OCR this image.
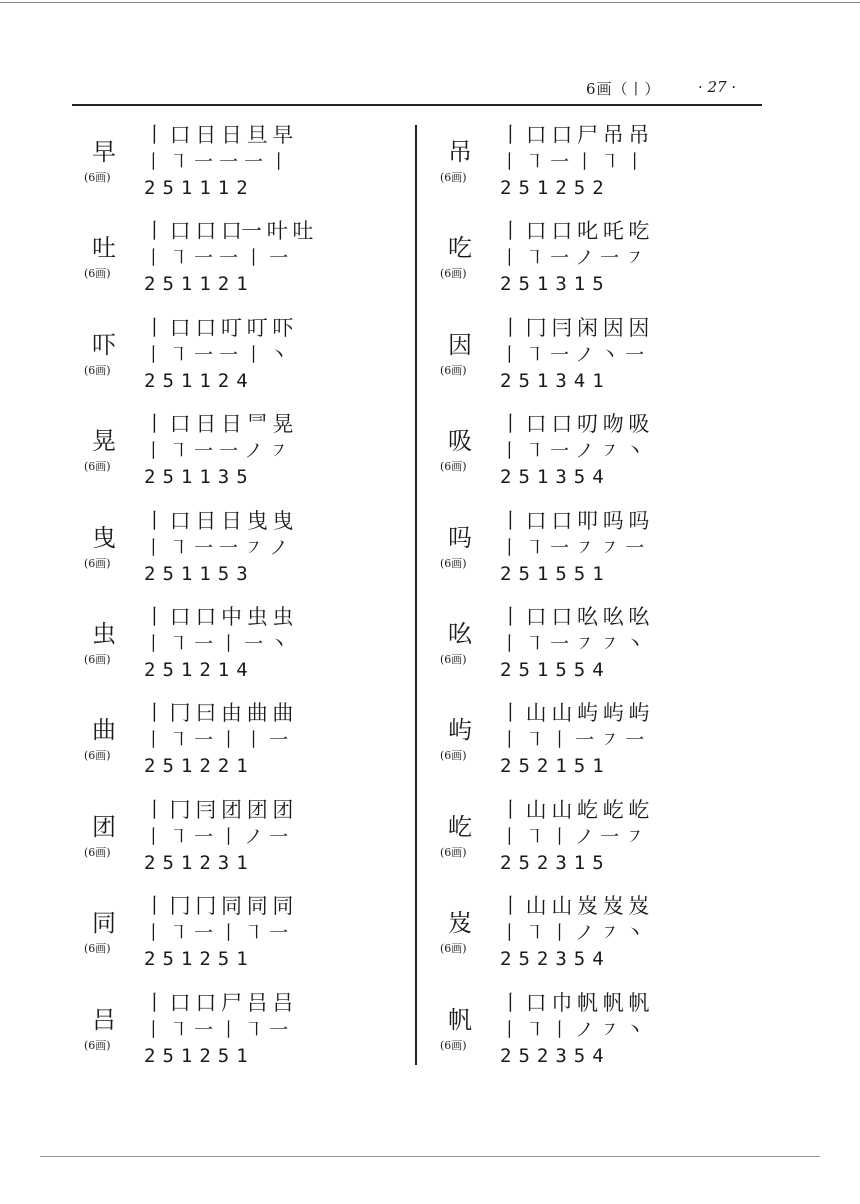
6画（丨） · 27 ·
早
(6画)
丨 口 日 日 旦 早
丨 ㇕ 一 一 一 丨
251112
吐
(6画)
丨 口 口 口一 叶 吐
丨 ㇕ 一 一 丨 一
251121
吓
(6画)
丨 口 口 叮 叮 吓
丨 ㇕ 一 一 丨 丶
251124
晃
(6画)
丨 口 日 日 ⺜ 晃
丨 ㇕ 一 一 ノ ㇇
251135
曳
(6画)
丨 口 日 日 曳 曳
丨 ㇕ 一 一 ㇇ ノ
251153
虫
(6画)
丨 口 口 中 虫 虫
丨 ㇕ 一 丨 一 丶
251214
曲
(6画)
丨 冂 曰 由 曲 曲
丨 ㇕ 一 丨 丨 一
251221
团
(6画)
丨 冂 冃 团 团 团
丨 ㇕ 一 丨 ノ 一
251231
同
(6画)
丨 冂 冂 同 同 同
丨 ㇕ 一 丨 ㇕ 一
251251
吕
(6画)
丨 口 口 尸 吕 吕
丨 ㇕ 一 丨 ㇕ 一
251251
吊
(6画)
丨 口 口 尸 吊 吊
丨 ㇕ 一 丨 ㇕ 丨
251252
吃
(6画)
丨 口 口 叱 吒 吃
丨 ㇕ 一 ノ 一 ㇇
251315
因
(6画)
丨 冂 冃 闲 因 因
丨 ㇕ 一 ノ 丶 一
251341
吸
(6画)
丨 口 口 叨 吻 吸
丨 ㇕ 一 ノ ㇇ 丶
251354
吗
(6画)
丨 口 口 叩 吗 吗
丨 ㇕ 一 ㇇ ㇇ 一
251551
吆
(6画)
丨 口 口 吆 吆 吆
丨 ㇕ 一 ㇇ ㇇ 丶
251554
屿
(6画)
丨 山 山 屿 屿 屿
丨 ㇕ 丨 一 ㇇ 一
252151
屹
(6画)
丨 山 山 屹 屹 屹
丨 ㇕ 丨 ノ 一 ㇇
252315
岌
(6画)
丨 山 山 岌 岌 岌
丨 ㇕ 丨 ノ ㇇ 丶
252354
帆
(6画)
丨 口 巾 帆 帆 帆
丨 ㇕ 丨 ノ ㇇ 丶
252354
